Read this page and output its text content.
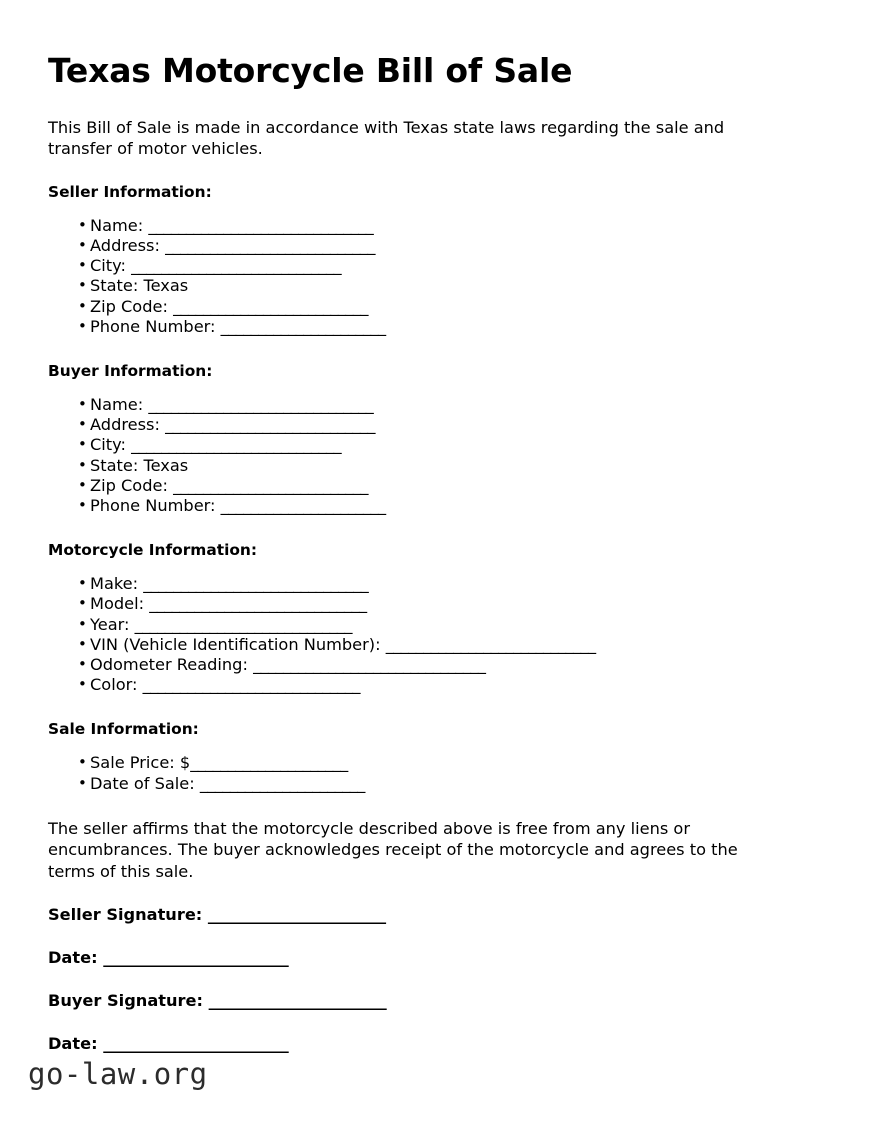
Texas Motorcycle Bill of Sale

This Bill of Sale is made in accordance with Texas state laws regarding the sale and transfer of motor vehicles.

Seller Information:
• Name: ______________________________
• Address: ____________________________
• City: ____________________________
• State: Texas
• Zip Code: __________________________
• Phone Number: ______________________
Buyer Information:
• Name: ______________________________
• Address: ____________________________
• City: ____________________________
• State: Texas
• Zip Code: __________________________
• Phone Number: ______________________
Motorcycle Information:
• Make: ______________________________
• Model: _____________________________
• Year: _____________________________
• VIN (Vehicle Identification Number): ____________________________
• Odometer Reading: _______________________________
• Color: _____________________________
Sale Information:
• Sale Price: $_____________________
• Date of Sale: ______________________

The seller affirms that the motorcycle described above is free from any liens or encumbrances. The buyer acknowledges receipt of the motorcycle and agrees to the terms of this sale.

Seller Signature: ________________________
Date: _________________________
Buyer Signature: ________________________
Date: _________________________
go-law.org
